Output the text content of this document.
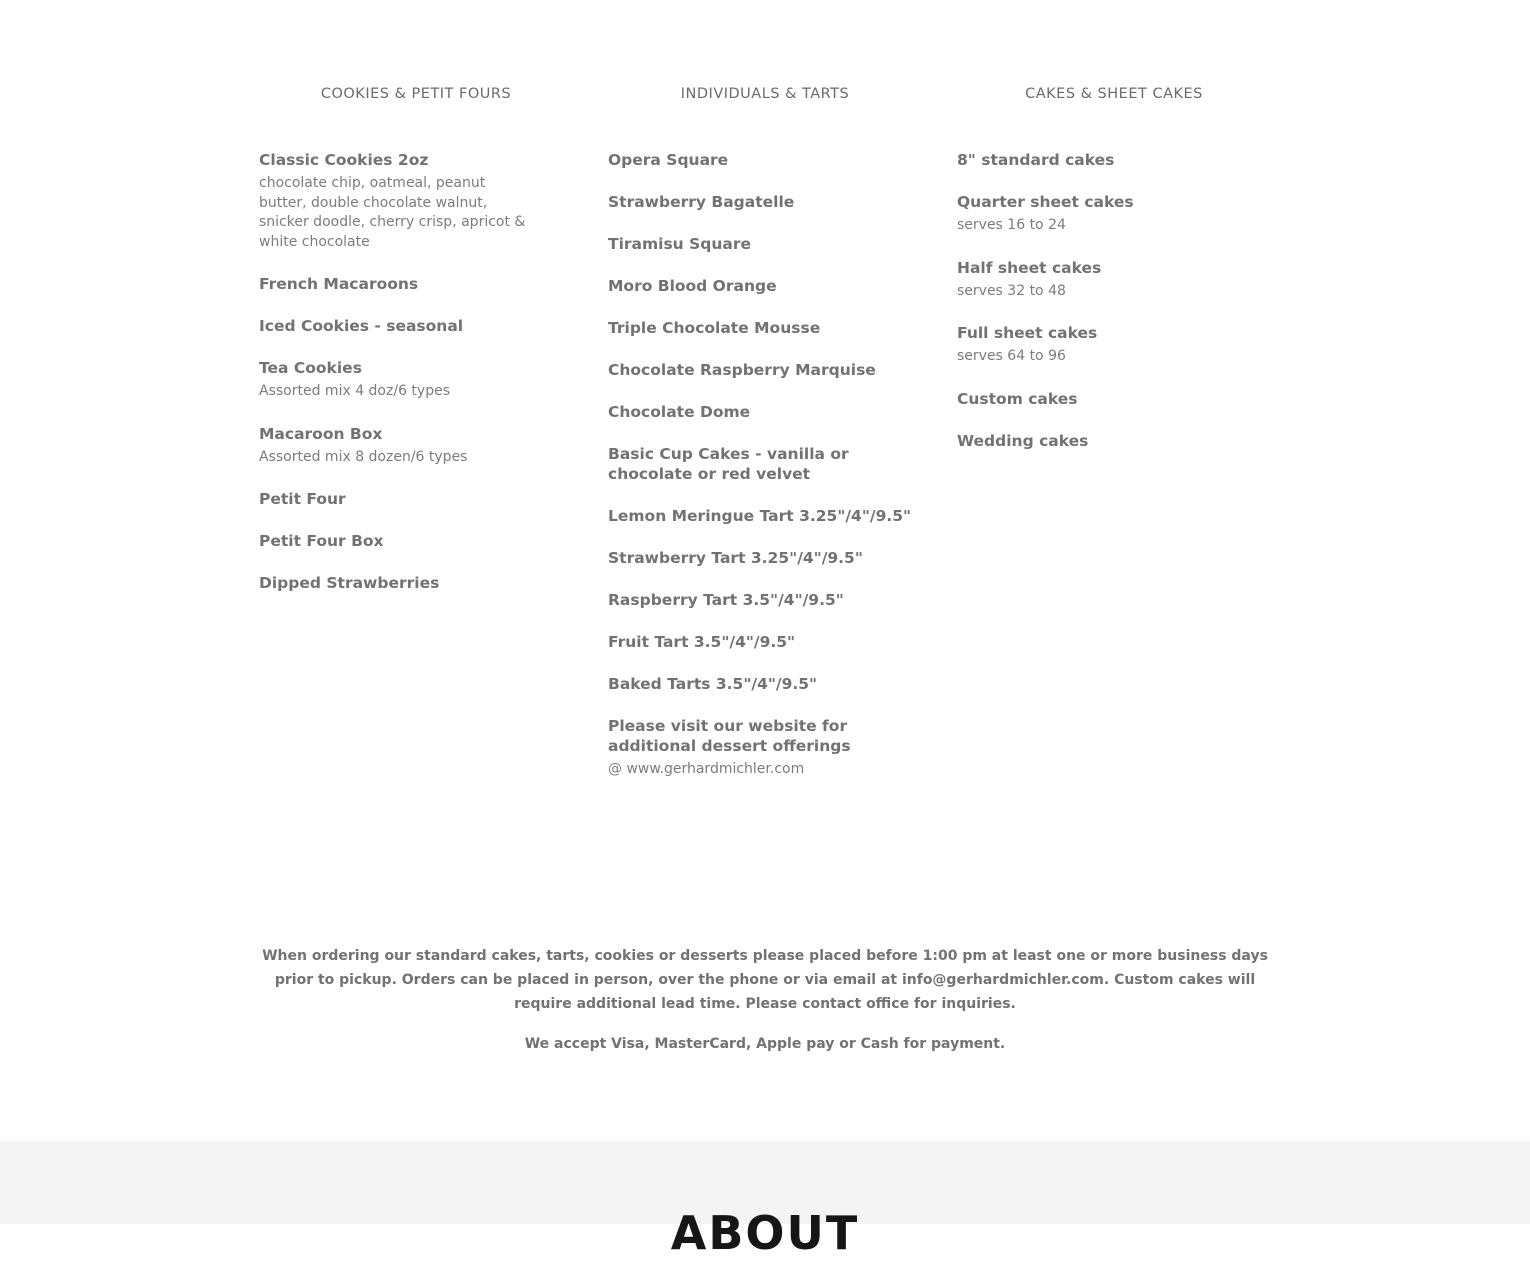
COOKIES & PETIT FOURS
Classic Cookies 2oz
chocolate chip, oatmeal, peanut butter, double chocolate walnut, snicker doodle, cherry crisp, apricot & white chocolate
French Macaroons
Iced Cookies - seasonal
Tea Cookies
Assorted mix 4 doz/6 types
Macaroon Box
Assorted mix 8 dozen/6 types
Petit Four
Petit Four Box
Dipped Strawberries
INDIVIDUALS & TARTS
Opera Square
Strawberry Bagatelle
Tiramisu Square
Moro Blood Orange
Triple Chocolate Mousse
Chocolate Raspberry Marquise
Chocolate Dome
Basic Cup Cakes - vanilla or chocolate or red velvet
Lemon Meringue Tart 3.25"/4"/9.5"
Strawberry Tart 3.25"/4"/9.5"
Raspberry Tart 3.5"/4"/9.5"
Fruit Tart 3.5"/4"/9.5"
Baked Tarts 3.5"/4"/9.5"
Please visit our website for additional dessert offerings
@ www.gerhardmichler.com
CAKES & SHEET CAKES
8" standard cakes
Quarter sheet cakes
serves 16 to 24
Half sheet cakes
serves 32 to 48
Full sheet cakes
serves 64 to 96
Custom cakes
Wedding cakes
When ordering our standard cakes, tarts, cookies or desserts please placed before 1:00 pm at least one or more business days prior to pickup. Orders can be placed in person, over the phone or via email at info@gerhardmichler.com. Custom cakes will require additional lead time. Please contact office for inquiries.
We accept Visa, MasterCard, Apple pay or Cash for payment.
ABOUT
